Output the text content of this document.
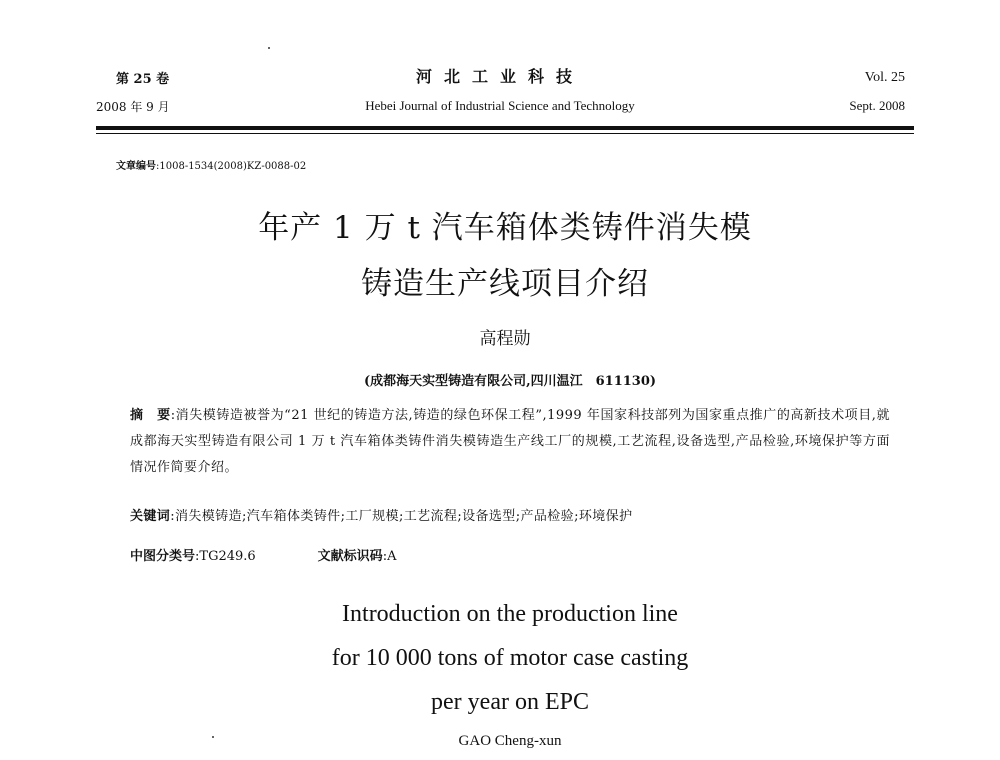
第 25 卷
2008 年 9 月
河北工业科技
Hebei Journal of Industrial Science and Technology
Vol. 25
Sept. 2008
文章编号:1008-1534(2008)KZ-0088-02
年产 1 万 t 汽车箱体类铸件消失模
铸造生产线项目介绍
高程勋
(成都海天实型铸造有限公司,四川温江　611130)
摘　要:消失模铸造被誉为“21 世纪的铸造方法,铸造的绿色环保工程”,1999 年国家科技部列为国家重点推广的高新技术项目,就成都海天实型铸造有限公司 1 万 t 汽车箱体类铸件消失模铸造生产线工厂的规模,工艺流程,设备选型,产品检验,环境保护等方面情况作简要介绍。
关键词:消失模铸造;汽车箱体类铸件;工厂规模;工艺流程;设备选型;产品检验;环境保护
中图分类号:TG249.6	文献标识码:A
Introduction on the production line
for 10 000 tons of motor case casting
per year on EPC
GAO Cheng-xun
